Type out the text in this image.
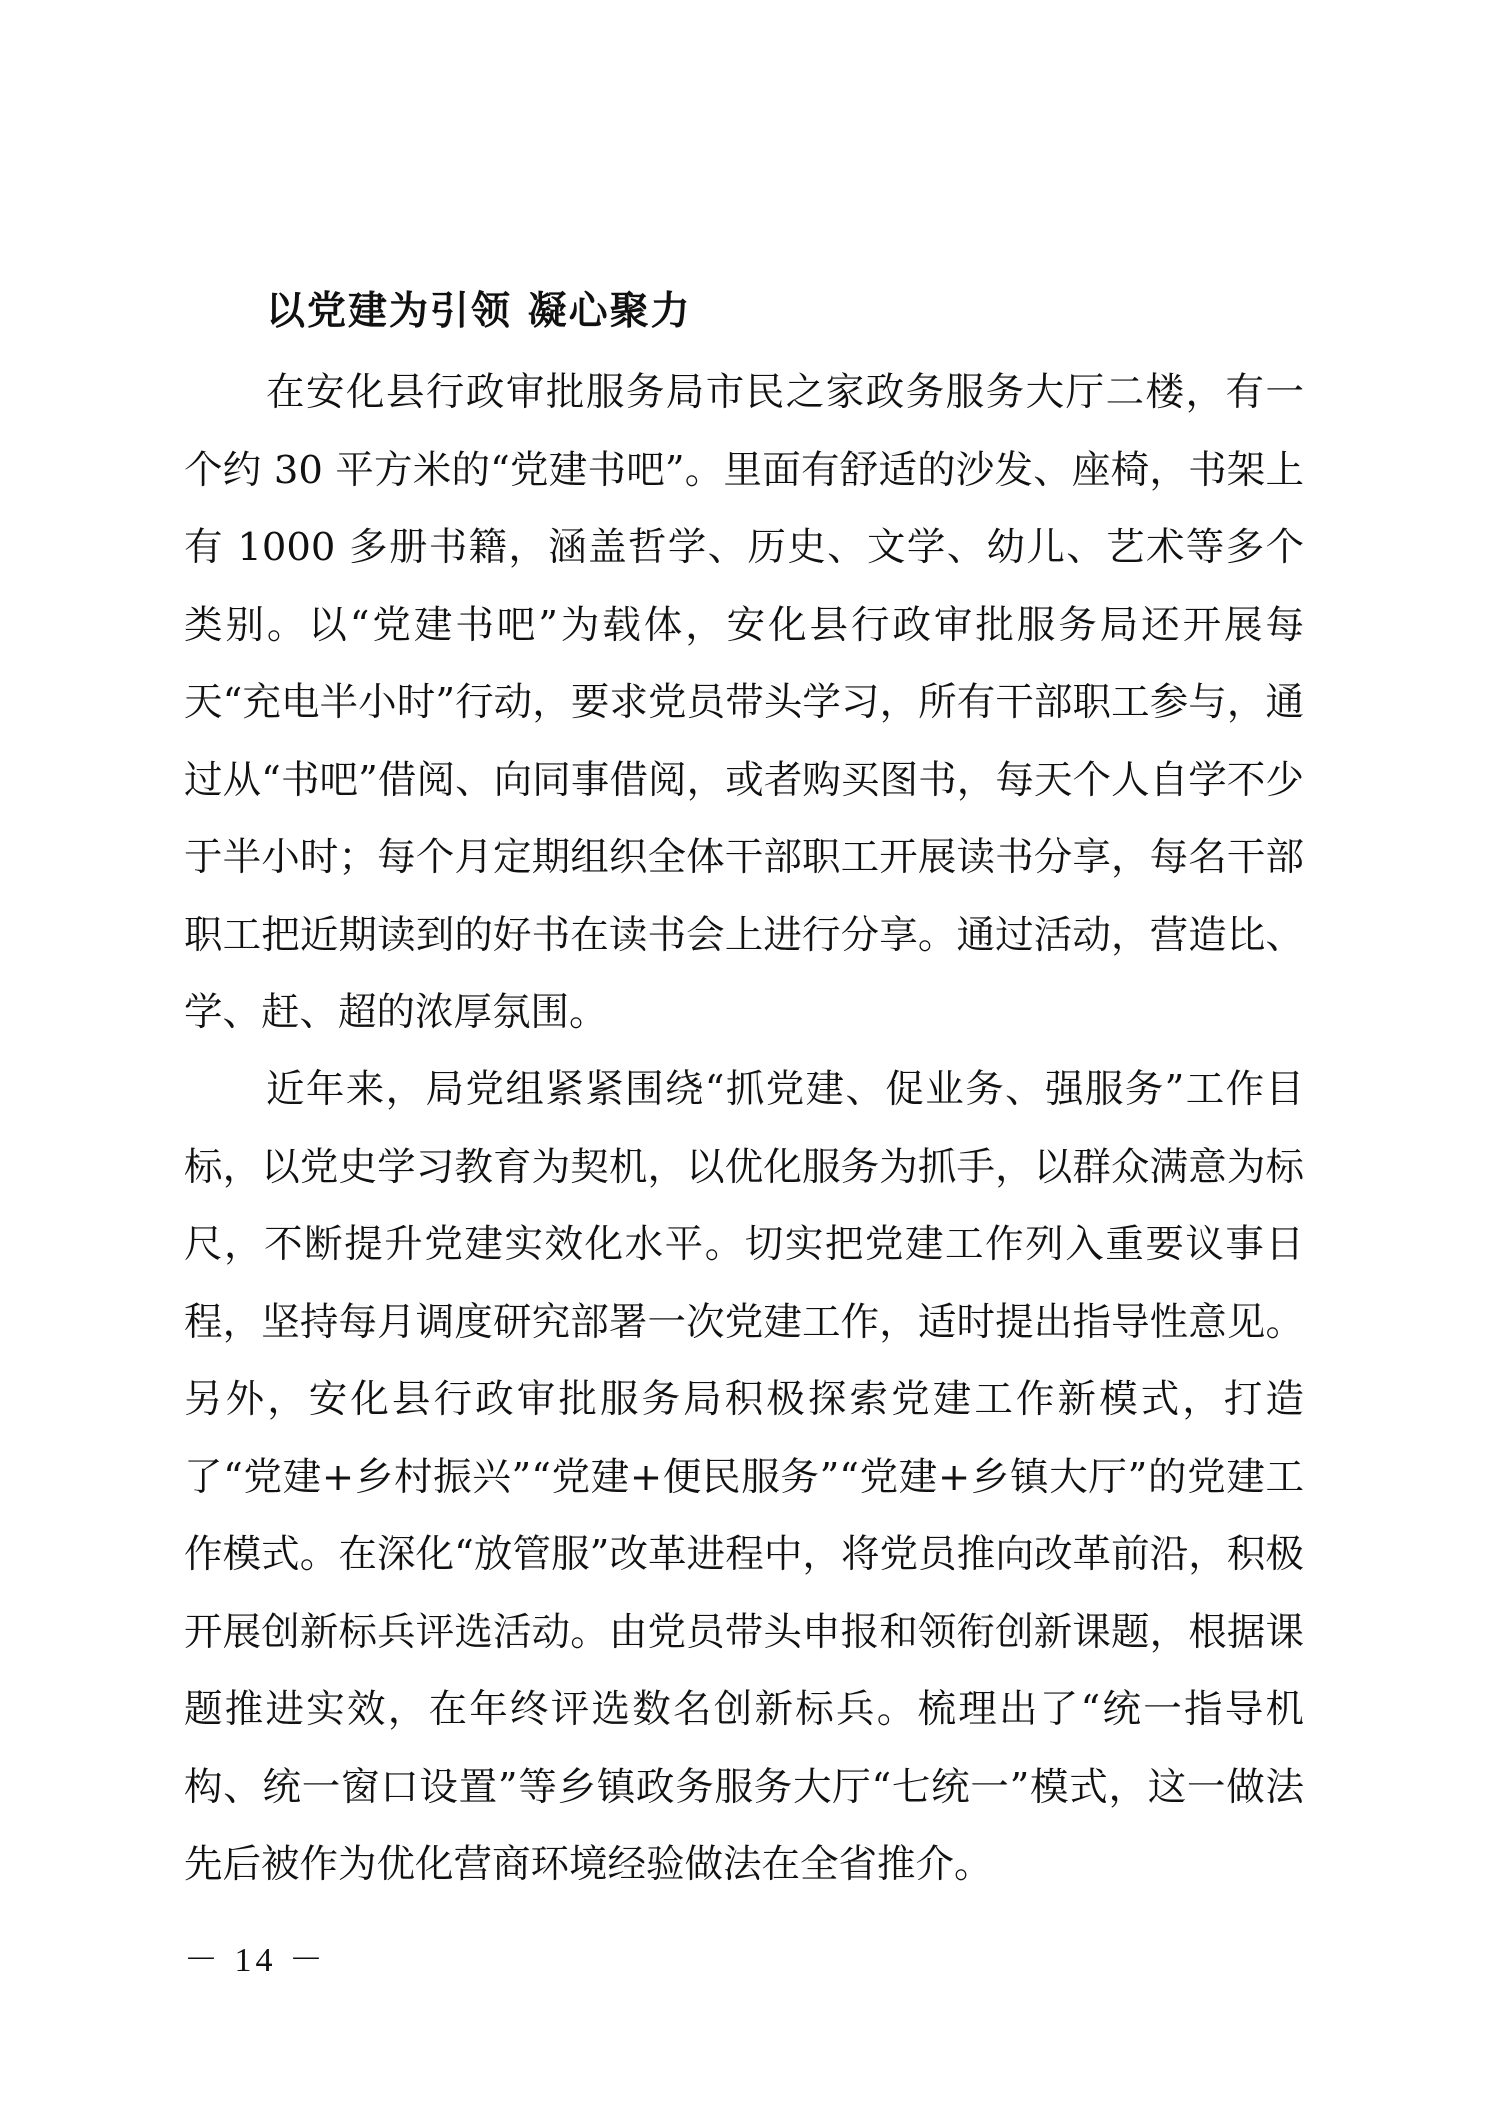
以党建为引领 凝心聚力

在安化县行政审批服务局市民之家政务服务大厅二楼，有一个约 30 平方米的“党建书吧”。里面有舒适的沙发、座椅，书架上有 1000 多册书籍，涵盖哲学、历史、文学、幼儿、艺术等多个类别。以“党建书吧”为载体，安化县行政审批服务局还开展每天“充电半小时”行动，要求党员带头学习，所有干部职工参与，通过从“书吧”借阅、向同事借阅，或者购买图书，每天个人自学不少于半小时；每个月定期组织全体干部职工开展读书分享，每名干部职工把近期读到的好书在读书会上进行分享。通过活动，营造比、学、赶、超的浓厚氛围。

近年来，局党组紧紧围绕“抓党建、促业务、强服务”工作目标，以党史学习教育为契机，以优化服务为抓手，以群众满意为标尺，不断提升党建实效化水平。切实把党建工作列入重要议事日程，坚持每月调度研究部署一次党建工作，适时提出指导性意见。另外，安化县行政审批服务局积极探索党建工作新模式，打造了“党建+乡村振兴”“党建+便民服务”“党建+乡镇大厅”的党建工作模式。在深化“放管服”改革进程中，将党员推向改革前沿，积极开展创新标兵评选活动。由党员带头申报和领衔创新课题，根据课题推进实效，在年终评选数名创新标兵。梳理出了“统一指导机构、统一窗口设置”等乡镇政务服务大厅“七统一”模式，这一做法先后被作为优化营商环境经验做法在全省推介。

－ 14 －
